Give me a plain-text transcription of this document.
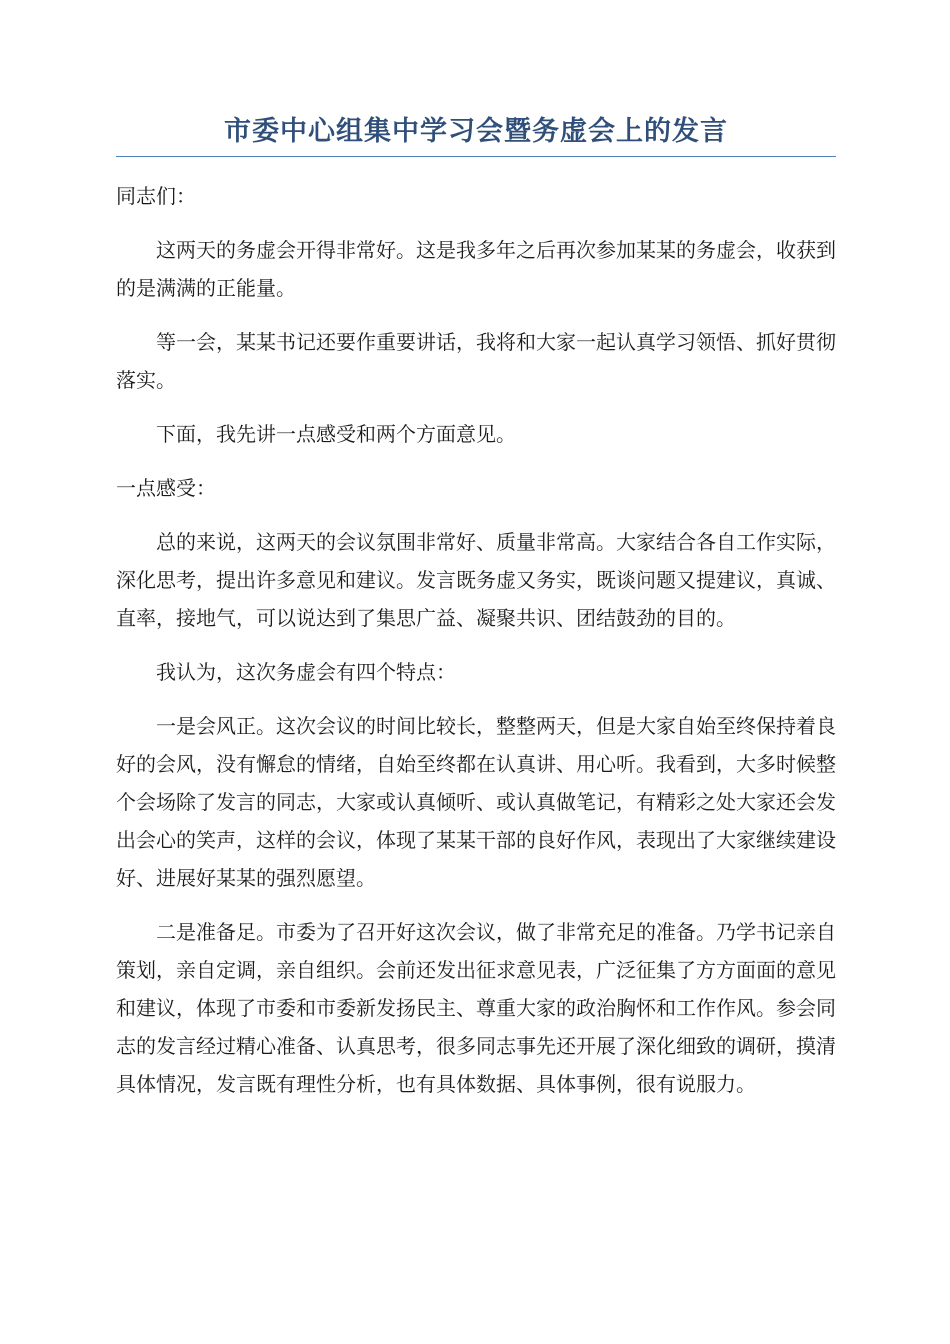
市委中心组集中学习会暨务虚会上的发言

同志们：

这两天的务虚会开得非常好。这是我多年之后再次参加某某的务虚会，收获到的是满满的正能量。

等一会，某某书记还要作重要讲话，我将和大家一起认真学习领悟、抓好贯彻落实。

下面，我先讲一点感受和两个方面意见。

一点感受：

总的来说，这两天的会议氛围非常好、质量非常高。大家结合各自工作实际，深化思考，提出许多意见和建议。发言既务虚又务实，既谈问题又提建议，真诚、直率，接地气，可以说达到了集思广益、凝聚共识、团结鼓劲的目的。

我认为，这次务虚会有四个特点：

一是会风正。这次会议的时间比较长，整整两天，但是大家自始至终保持着良好的会风，没有懈怠的情绪，自始至终都在认真讲、用心听。我看到，大多时候整个会场除了发言的同志，大家或认真倾听、或认真做笔记，有精彩之处大家还会发出会心的笑声，这样的会议，体现了某某干部的良好作风，表现出了大家继续建设好、进展好某某的强烈愿望。

二是准备足。市委为了召开好这次会议，做了非常充足的准备。乃学书记亲自策划，亲自定调，亲自组织。会前还发出征求意见表，广泛征集了方方面面的意见和建议，体现了市委和市委新发扬民主、尊重大家的政治胸怀和工作作风。参会同志的发言经过精心准备、认真思考，很多同志事先还开展了深化细致的调研，摸清具体情况，发言既有理性分析，也有具体数据、具体事例，很有说服力。
